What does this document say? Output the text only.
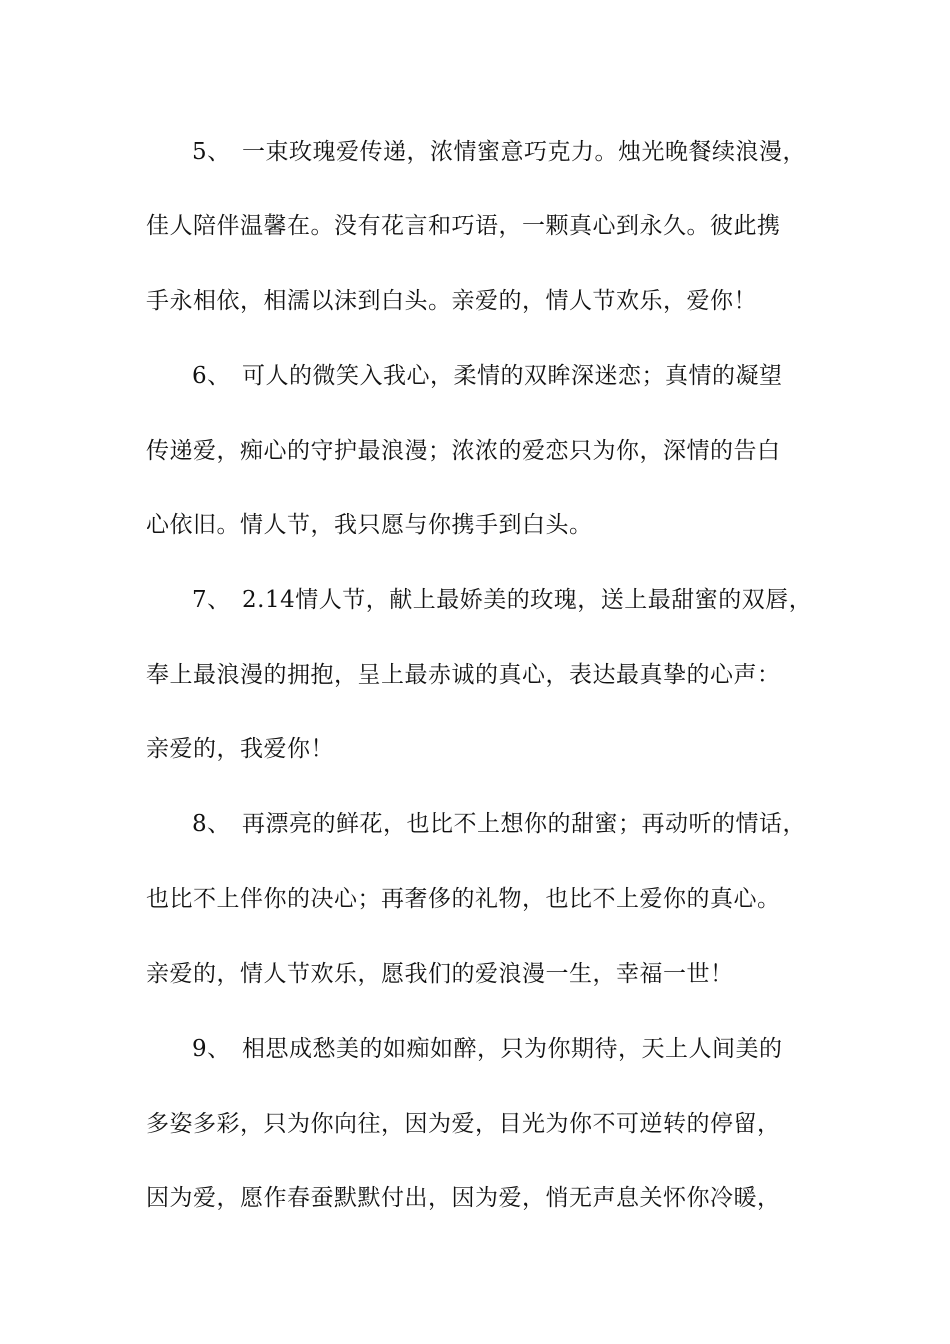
5、 一束玫瑰爱传递，浓情蜜意巧克力。烛光晚餐续浪漫，
佳人陪伴温馨在。没有花言和巧语，一颗真心到永久。彼此携
手永相依，相濡以沫到白头。亲爱的，情人节欢乐，爱你！
6、 可人的微笑入我心，柔情的双眸深迷恋；真情的凝望
传递爱，痴心的守护最浪漫；浓浓的爱恋只为你，深情的告白
心依旧。情人节，我只愿与你携手到白头。
7、 2.14情人节，献上最娇美的玫瑰，送上最甜蜜的双唇，
奉上最浪漫的拥抱，呈上最赤诚的真心，表达最真挚的心声：
亲爱的，我爱你！
8、 再漂亮的鲜花，也比不上想你的甜蜜；再动听的情话，
也比不上伴你的决心；再奢侈的礼物，也比不上爱你的真心。
亲爱的，情人节欢乐，愿我们的爱浪漫一生，幸福一世！
9、 相思成愁美的如痴如醉，只为你期待，天上人间美的
多姿多彩，只为你向往，因为爱，目光为你不可逆转的停留，
因为爱，愿作春蚕默默付出，因为爱，悄无声息关怀你冷暖，
